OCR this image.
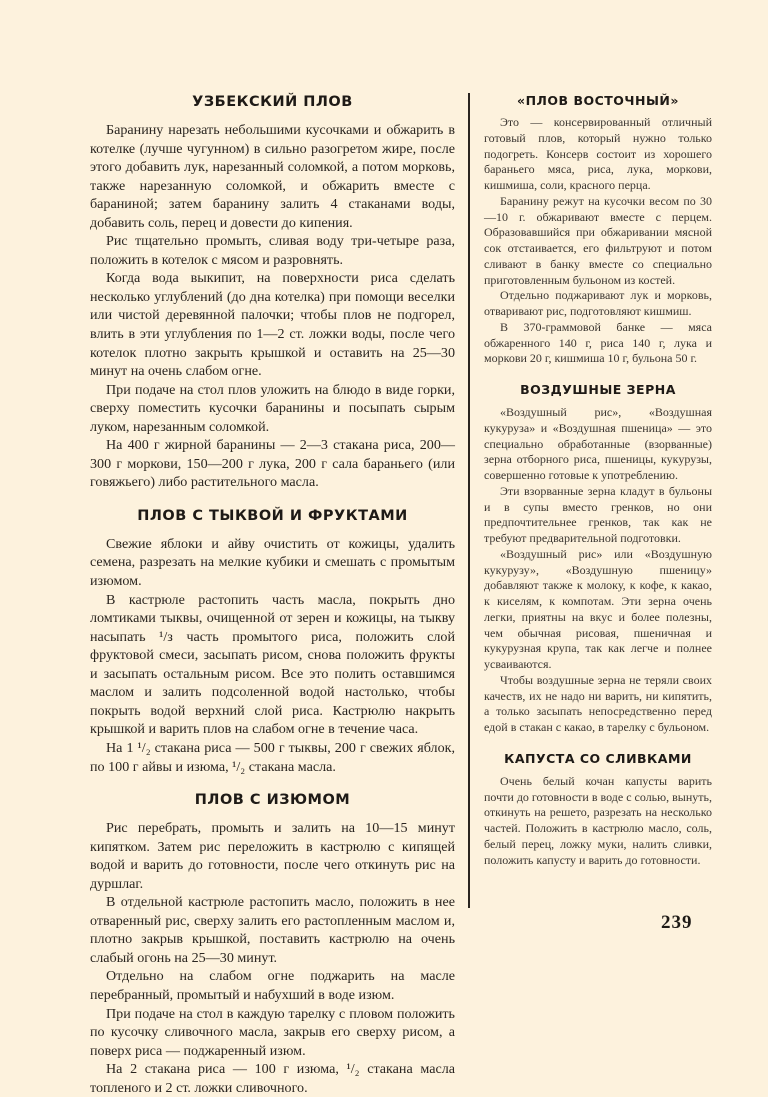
УЗБЕКСКИЙ ПЛОВ

Баранину нарезать небольшими кусочками и обжарить в котелке (лучше чугунном) в сильно разогретом жире, после этого добавить лук, нарезанный соломкой, а потом морковь, также нарезанную соломкой, и обжарить вместе с бараниной; затем баранину залить 4 стаканами воды, добавить соль, перец и довести до кипения.

Рис тщательно промыть, сливая воду три-четыре раза, положить в котелок с мясом и разровнять.

Когда вода выкипит, на поверхности риса сделать несколько углублений (до дна котелка) при помощи веселки или чистой деревянной палочки; чтобы плов не подгорел, влить в эти углубления по 1—2 ст. ложки воды, после чего котелок плотно закрыть крышкой и оставить на 25—30 минут на очень слабом огне.

При подаче на стол плов уложить на блюдо в виде горки, сверху поместить кусочки баранины и посыпать сырым луком, нарезанным соломкой.

На 400 г жирной баранины — 2—3 стакана риса, 200—300 г моркови, 150—200 г лука, 200 г сала бараньего (или говяжьего) либо растительного масла.

ПЛОВ С ТЫКВОЙ И ФРУКТАМИ

Свежие яблоки и айву очистить от кожицы, удалить семена, разрезать на мелкие кубики и смешать с промытым изюмом.

В кастрюле растопить часть масла, покрыть дно ломтиками тыквы, очищенной от зерен и кожицы, на тыкву насыпать ¹/з часть промытого риса, положить слой фруктовой смеси, засыпать рисом, снова положить фрукты и засыпать остальным рисом. Все это полить оставшимся маслом и залить подсоленной водой настолько, чтобы покрыть водой верхний слой риса. Кастрюлю накрыть крышкой и варить плов на слабом огне в течение часа.

На 1 ¹/₂ стакана риса — 500 г тыквы, 200 г свежих яблок, по 100 г айвы и изюма, ¹/₂ стакана масла.

ПЛОВ С ИЗЮМОМ

Рис перебрать, промыть и залить на 10—15 минут кипятком. Затем рис переложить в кастрюлю с кипящей водой и варить до готовности, после чего откинуть рис на дуршлаг.

В отдельной кастрюле растопить масло, положить в нее отваренный рис, сверху залить его растопленным маслом и, плотно закрыв крышкой, поставить кастрюлю на очень слабый огонь на 25—30 минут.

Отдельно на слабом огне поджарить на масле перебранный, промытый и набухший в воде изюм.

При подаче на стол в каждую тарелку с пловом положить по кусочку сливочного масла, закрыв его сверху рисом, а поверх риса — поджаренный изюм.

На 2 стакана риса — 100 г изюма, ¹/₂ стакана масла топленого и 2 ст. ложки сливочного.

«ПЛОВ ВОСТОЧНЫЙ»

Это — консервированный отличный готовый плов, который нужно только подогреть. Консерв состоит из хорошего бараньего мяса, риса, лука, моркови, кишмиша, соли, красного перца.

Баранину режут на кусочки весом по 30—10 г. обжаривают вместе с перцем. Образовавшийся при обжаривании мясной сок отстаивается, его фильтруют и потом сливают в банку вместе со специально приготовленным бульоном из костей.

Отдельно поджаривают лук и морковь, отваривают рис, подготовляют кишмиш.

В 370-граммовой банке — мяса обжаренного 140 г, риса 140 г, лука и моркови 20 г, кишмиша 10 г, бульона 50 г.

ВОЗДУШНЫЕ ЗЕРНА

«Воздушный рис», «Воздушная кукуруза» и «Воздушная пшеница» — это специально обработанные (взорванные) зерна отборного риса, пшеницы, кукурузы, совершенно готовые к употреблению.

Эти взорванные зерна кладут в бульоны и в супы вместо гренков, но они предпочтительнее гренков, так как не требуют предварительной подготовки.

«Воздушный рис» или «Воздушную кукурузу», «Воздушную пшеницу» добавляют также к молоку, к кофе, к какао, к киселям, к компотам. Эти зерна очень легки, приятны на вкус и более полезны, чем обычная рисовая, пшеничная и кукурузная крупа, так как легче и полнее усваиваются.

Чтобы воздушные зерна не теряли своих качеств, их не надо ни варить, ни кипятить, а только засыпать непосредственно перед едой в стакан с какао, в тарелку с бульоном.

КАПУСТА СО СЛИВКАМИ

Очень белый кочан капусты варить почти до готовности в воде с солью, вынуть, откинуть на решето, разрезать на несколько частей. Положить в кастрюлю масло, соль, белый перец, ложку муки, налить сливки, положить капусту и варить до готовности.

239
